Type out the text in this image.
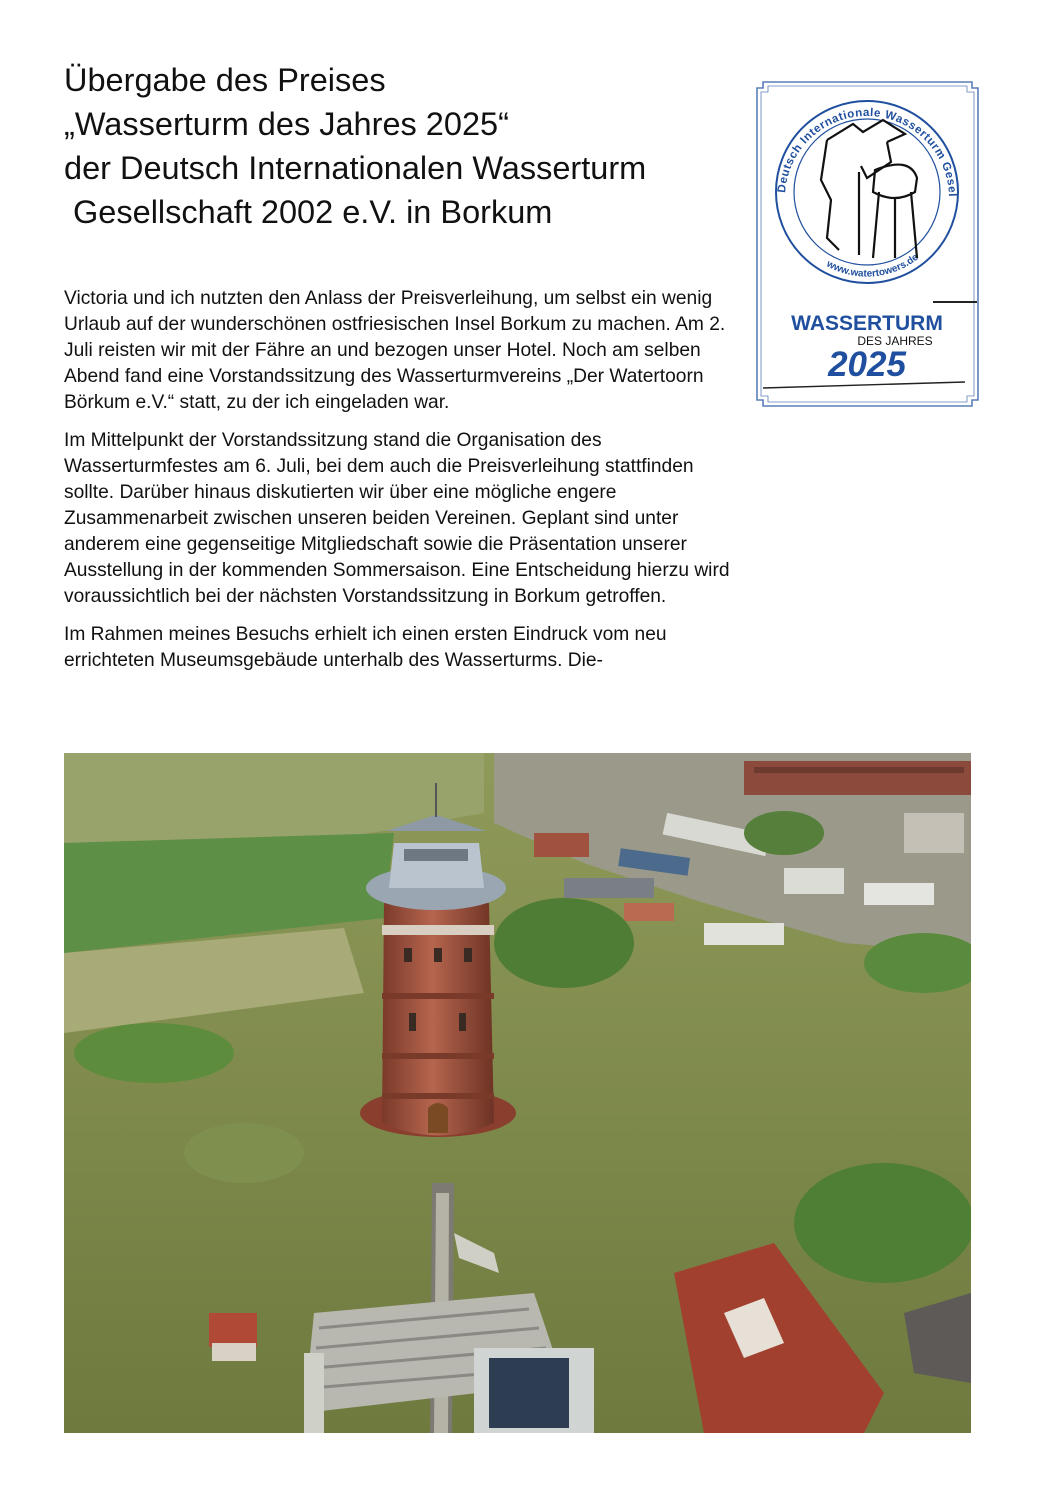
Übergabe des Preises
„Wasserturm des Jahres 2025“
der Deutsch Internationalen Wasserturm
Gesellschaft 2002 e.V. in Borkum

Victoria und ich nutzten den Anlass der Preisverleihung, um selbst ein wenig Urlaub auf der wunderschönen ostfriesischen Insel Borkum zu machen. Am 2. Juli reisten wir mit der Fähre an und bezogen unser Hotel. Noch am selben Abend fand eine Vorstandssitzung des Wasserturmvereins „Der Watertoorn Börkum e.V.“ statt, zu der ich eingeladen war.

Im Mittelpunkt der Vorstandssitzung stand die Organisation des Wasserturmfestes am 6. Juli, bei dem auch die Preisverleihung stattfinden sollte. Darüber hinaus diskutierten wir über eine mögliche engere Zusammenarbeit zwischen unseren beiden Vereinen. Geplant sind unter anderem eine gegenseitige Mitgliedschaft sowie die Präsentation unserer Ausstellung in der kommenden Sommersaison. Eine Entscheidung hierzu wird voraussichtlich bei der nächsten Vorstandssitzung in Borkum getroffen.

Im Rahmen meines Besuchs erhielt ich einen ersten Eindruck vom neu errichteten Museumsgebäude unterhalb des Wasserturms. Die-

Deutsch Internationale Wasserturm Gesel
www.watertowers.de
WASSERTURM
DES JAHRES
2025
